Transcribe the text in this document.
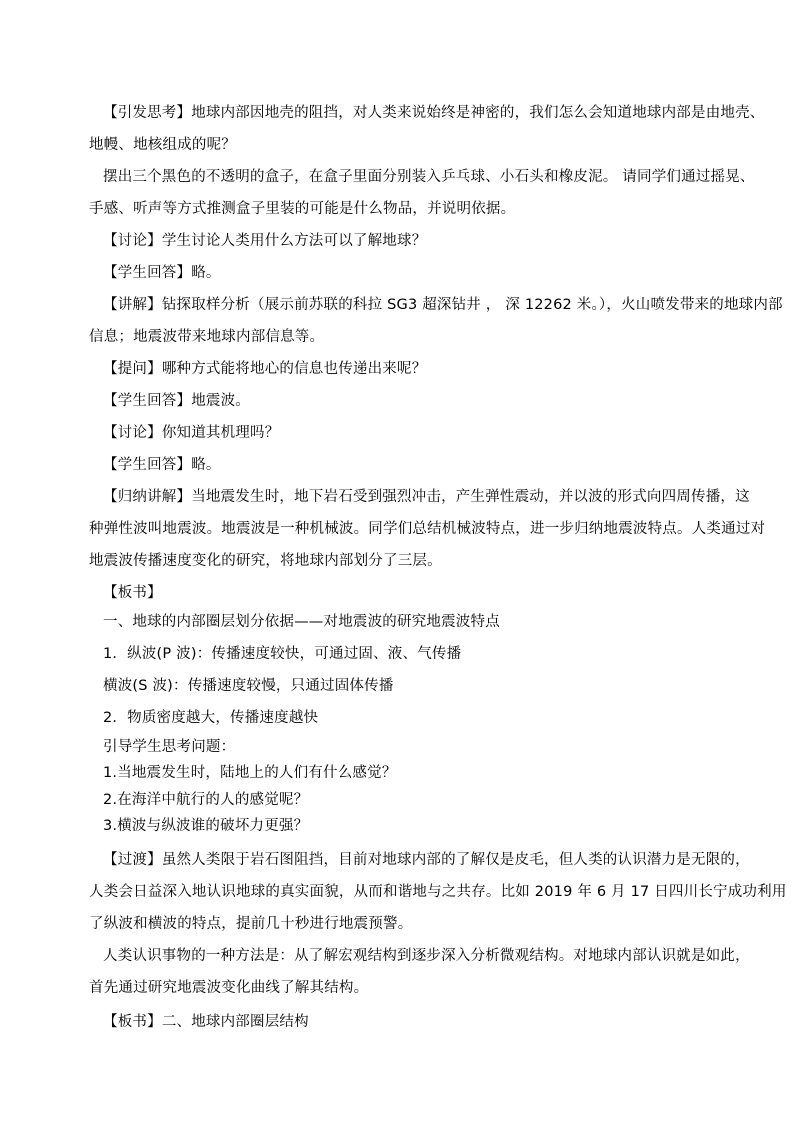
【引发思考】地球内部因地壳的阻挡，对人类来说始终是神密的，我们怎么会知道地球内部是由地壳、

地幔、地核组成的呢？

摆出三个黑色的不透明的盒子，在盒子里面分别装入乒乓球、小石头和橡皮泥。 请同学们通过摇晃、

手感、听声等方式推测盒子里装的可能是什么物品，并说明依据。

【讨论】学生讨论人类用什么方法可以了解地球？

【学生回答】略。

【讲解】钻探取样分析（展示前苏联的科拉 SG3 超深钻井 ， 深 12262 米。），火山喷发带来的地球内部

信息；地震波带来地球内部信息等。

【提问】哪种方式能将地心的信息也传递出来呢？

【学生回答】地震波。

【讨论】你知道其机理吗？

【学生回答】略。

【归纳讲解】当地震发生时，地下岩石受到强烈冲击，产生弹性震动，并以波的形式向四周传播，这

种弹性波叫地震波。地震波是一种机械波。同学们总结机械波特点，进一步归纳地震波特点。人类通过对

地震波传播速度变化的研究，将地球内部划分了三层。

【板书】

一、地球的内部圈层划分依据——对地震波的研究地震波特点

1．纵波(P 波)：传播速度较快，可通过固、液、气传播

横波(S 波)：传播速度较慢，只通过固体传播

2．物质密度越大，传播速度越快

引导学生思考问题：

1.当地震发生时，陆地上的人们有什么感觉？

2.在海洋中航行的人的感觉呢？

3.横波与纵波谁的破坏力更强？

【过渡】虽然人类限于岩石图阻挡，目前对地球内部的了解仅是皮毛，但人类的认识潜力是无限的，

人类会日益深入地认识地球的真实面貌，从而和谐地与之共存。比如 2019 年 6 月 17 日四川长宁成功利用

了纵波和横波的特点，提前几十秒进行地震预警。

人类认识事物的一种方法是：从了解宏观结构到逐步深入分析微观结构。对地球内部认识就是如此，

首先通过研究地震波变化曲线了解其结构。

【板书】二、地球内部圈层结构
